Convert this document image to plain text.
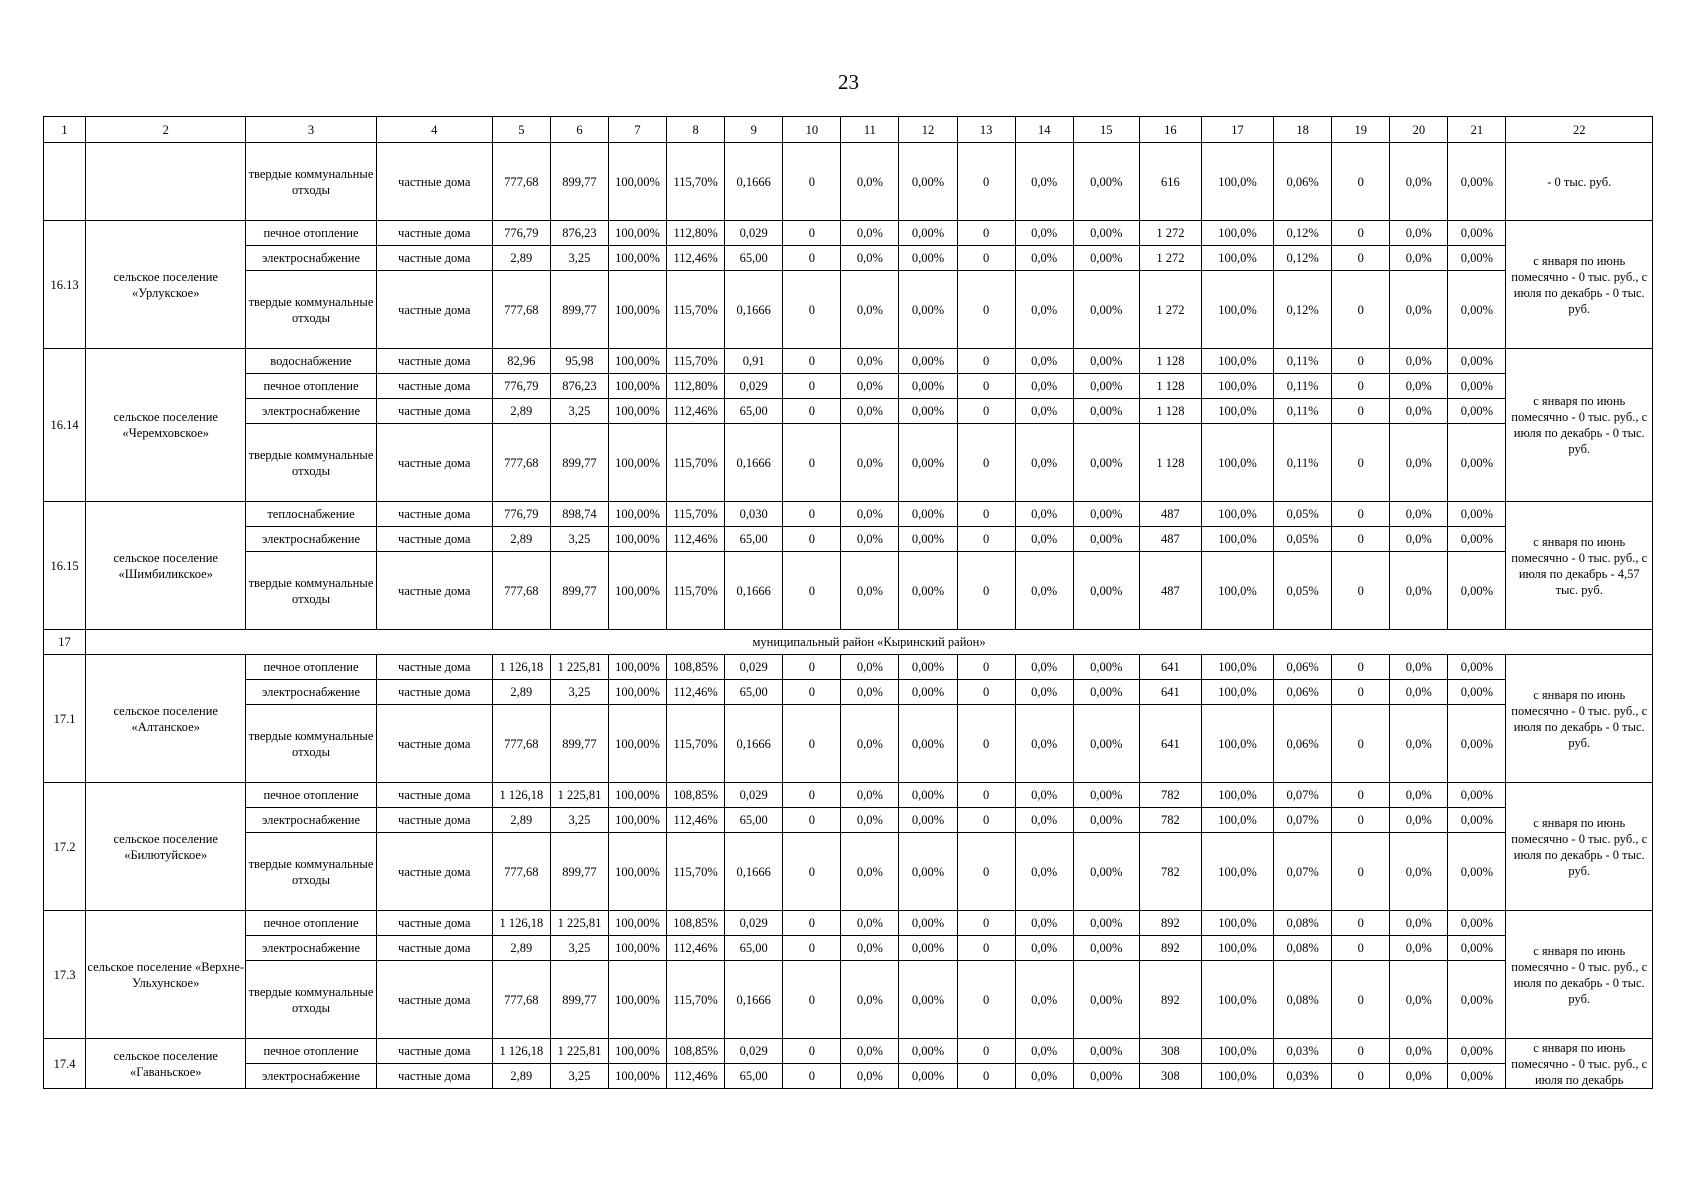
23
1	2	3	4	5	6	7	8	9	10	11	12	13	14	15	16	17	18	19	20	21	22
		твердые коммунальные отходы	частные дома	777,68	899,77	100,00%	115,70%	0,1666	0	0,0%	0,00%	0	0,0%	0,00%	616	100,0%	0,06%	0	0,0%	0,00%	- 0 тыс. руб.
16.13	сельское поселение «Урлукское»	печное отопление	частные дома	776,79	876,23	100,00%	112,80%	0,029	0	0,0%	0,00%	0	0,0%	0,00%	1 272	100,0%	0,12%	0	0,0%	0,00%	с января по июнь помесячно - 0 тыс. руб., с июля по декабрь - 0 тыс. руб.
		электроснабжение	частные дома	2,89	3,25	100,00%	112,46%	65,00	0	0,0%	0,00%	0	0,0%	0,00%	1 272	100,0%	0,12%	0	0,0%	0,00%	
		твердые коммунальные отходы	частные дома	777,68	899,77	100,00%	115,70%	0,1666	0	0,0%	0,00%	0	0,0%	0,00%	1 272	100,0%	0,12%	0	0,0%	0,00%	
16.14	сельское поселение «Черемховское»	водоснабжение	частные дома	82,96	95,98	100,00%	115,70%	0,91	0	0,0%	0,00%	0	0,0%	0,00%	1 128	100,0%	0,11%	0	0,0%	0,00%	с января по июнь помесячно - 0 тыс. руб., с июля по декабрь - 0 тыс. руб.
		печное отопление	частные дома	776,79	876,23	100,00%	112,80%	0,029	0	0,0%	0,00%	0	0,0%	0,00%	1 128	100,0%	0,11%	0	0,0%	0,00%	
		электроснабжение	частные дома	2,89	3,25	100,00%	112,46%	65,00	0	0,0%	0,00%	0	0,0%	0,00%	1 128	100,0%	0,11%	0	0,0%	0,00%	
		твердые коммунальные отходы	частные дома	777,68	899,77	100,00%	115,70%	0,1666	0	0,0%	0,00%	0	0,0%	0,00%	1 128	100,0%	0,11%	0	0,0%	0,00%	
16.15	сельское поселение «Шимбиликское»	теплоснабжение	частные дома	776,79	898,74	100,00%	115,70%	0,030	0	0,0%	0,00%	0	0,0%	0,00%	487	100,0%	0,05%	0	0,0%	0,00%	с января по июнь помесячно - 0 тыс. руб., с июля по декабрь - 4,57 тыс. руб.
		электроснабжение	частные дома	2,89	3,25	100,00%	112,46%	65,00	0	0,0%	0,00%	0	0,0%	0,00%	487	100,0%	0,05%	0	0,0%	0,00%	
		твердые коммунальные отходы	частные дома	777,68	899,77	100,00%	115,70%	0,1666	0	0,0%	0,00%	0	0,0%	0,00%	487	100,0%	0,05%	0	0,0%	0,00%	
17	муниципальный район «Кыринский район»																				
17.1	сельское поселение «Алтанское»	печное отопление	частные дома	1 126,18	1 225,81	100,00%	108,85%	0,029	0	0,0%	0,00%	0	0,0%	0,00%	641	100,0%	0,06%	0	0,0%	0,00%	с января по июнь помесячно - 0 тыс. руб., с июля по декабрь - 0 тыс. руб.
		электроснабжение	частные дома	2,89	3,25	100,00%	112,46%	65,00	0	0,0%	0,00%	0	0,0%	0,00%	641	100,0%	0,06%	0	0,0%	0,00%	
		твердые коммунальные отходы	частные дома	777,68	899,77	100,00%	115,70%	0,1666	0	0,0%	0,00%	0	0,0%	0,00%	641	100,0%	0,06%	0	0,0%	0,00%	
17.2	сельское поселение «Билютуйское»	печное отопление	частные дома	1 126,18	1 225,81	100,00%	108,85%	0,029	0	0,0%	0,00%	0	0,0%	0,00%	782	100,0%	0,07%	0	0,0%	0,00%	с января по июнь помесячно - 0 тыс. руб., с июля по декабрь - 0 тыс. руб.
		электроснабжение	частные дома	2,89	3,25	100,00%	112,46%	65,00	0	0,0%	0,00%	0	0,0%	0,00%	782	100,0%	0,07%	0	0,0%	0,00%	
		твердые коммунальные отходы	частные дома	777,68	899,77	100,00%	115,70%	0,1666	0	0,0%	0,00%	0	0,0%	0,00%	782	100,0%	0,07%	0	0,0%	0,00%	
17.3	сельское поселение «Верхне-Ульхунское»	печное отопление	частные дома	1 126,18	1 225,81	100,00%	108,85%	0,029	0	0,0%	0,00%	0	0,0%	0,00%	892	100,0%	0,08%	0	0,0%	0,00%	с января по июнь помесячно - 0 тыс. руб., с июля по декабрь - 0 тыс. руб.
		электроснабжение	частные дома	2,89	3,25	100,00%	112,46%	65,00	0	0,0%	0,00%	0	0,0%	0,00%	892	100,0%	0,08%	0	0,0%	0,00%	
		твердые коммунальные отходы	частные дома	777,68	899,77	100,00%	115,70%	0,1666	0	0,0%	0,00%	0	0,0%	0,00%	892	100,0%	0,08%	0	0,0%	0,00%	
17.4	сельское поселение «Гаваньское»	печное отопление	частные дома	1 126,18	1 225,81	100,00%	108,85%	0,029	0	0,0%	0,00%	0	0,0%	0,00%	308	100,0%	0,03%	0	0,0%	0,00%	с января по июнь помесячно - 0 тыс. руб., с июля по декабрь
		электроснабжение	частные дома	2,89	3,25	100,00%	112,46%	65,00	0	0,0%	0,00%	0	0,0%	0,00%	308	100,0%	0,03%	0	0,0%	0,00%	
